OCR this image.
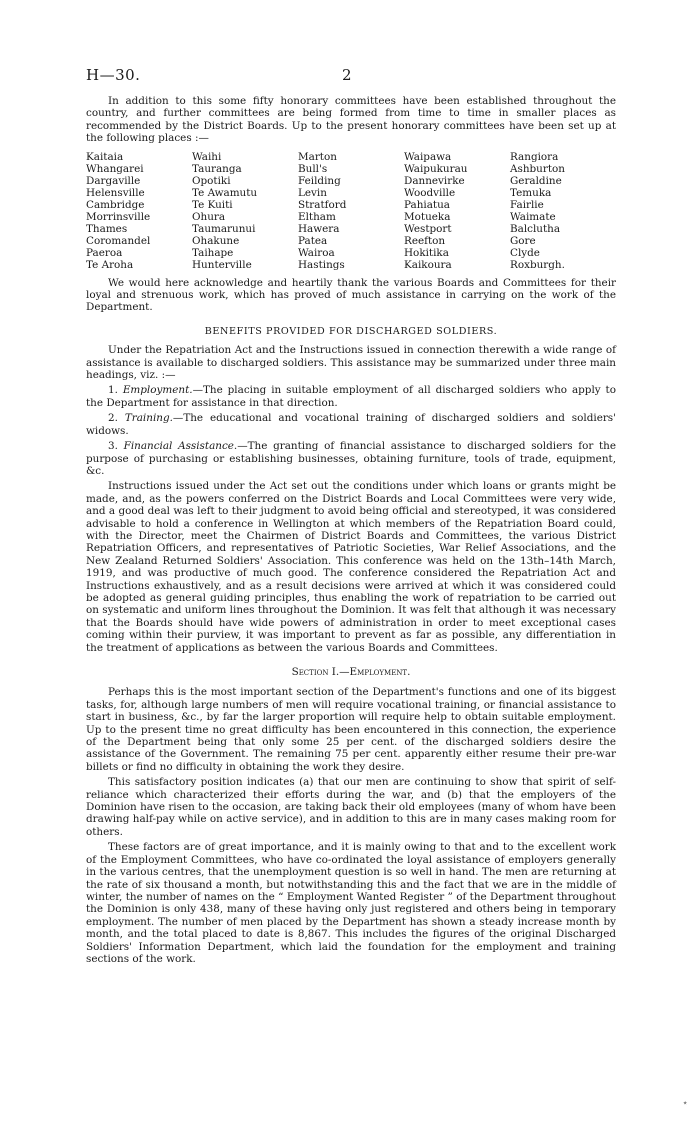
H—30.	2

In addition to this some fifty honorary committees have been established throughout the country, and further committees are being formed from time to time in smaller places as recommended by the District Boards. Up to the present honorary committees have been set up at the following places :—

Kaitaia	Waihi	Marton	Waipawa	Rangiora
Whangarei	Tauranga	Bull's	Waipukurau	Ashburton
Dargaville	Opotiki	Feilding	Dannevirke	Geraldine
Helensville	Te Awamutu	Levin	Woodville	Temuka
Cambridge	Te Kuiti	Stratford	Pahiatua	Fairlie
Morrinsville	Ohura	Eltham	Motueka	Waimate
Thames	Taumarunui	Hawera	Westport	Balclutha
Coromandel	Ohakune	Patea	Reefton	Gore
Paeroa	Taihape	Wairoa	Hokitika	Clyde
Te Aroha	Hunterville	Hastings	Kaikoura	Roxburgh.

We would here acknowledge and heartily thank the various Boards and Committees for their loyal and strenuous work, which has proved of much assistance in carrying on the work of the Department.

BENEFITS PROVIDED FOR DISCHARGED SOLDIERS.

Under the Repatriation Act and the Instructions issued in connection therewith a wide range of assistance is available to discharged soldiers. This assistance may be summarized under three main headings, viz. :—

1. Employment.—The placing in suitable employment of all discharged soldiers who apply to the Department for assistance in that direction.

2. Training.—The educational and vocational training of discharged soldiers and soldiers' widows.

3. Financial Assistance.—The granting of financial assistance to discharged soldiers for the purpose of purchasing or establishing businesses, obtaining furniture, tools of trade, equipment, &c.

Instructions issued under the Act set out the conditions under which loans or grants might be made, and, as the powers conferred on the District Boards and Local Committees were very wide, and a good deal was left to their judgment to avoid being official and stereotyped, it was considered advisable to hold a conference in Wellington at which members of the Repatriation Board could, with the Director, meet the Chairmen of District Boards and Committees, the various District Repatriation Officers, and representatives of Patriotic Societies, War Relief Associations, and the New Zealand Returned Soldiers' Association. This conference was held on the 13th–14th March, 1919, and was productive of much good. The conference considered the Repatriation Act and Instructions exhaustively, and as a result decisions were arrived at which it was considered could be adopted as general guiding principles, thus enabling the work of repatriation to be carried out on systematic and uniform lines throughout the Dominion. It was felt that although it was necessary that the Boards should have wide powers of administration in order to meet exceptional cases coming within their purview, it was important to prevent as far as possible, any differentiation in the treatment of applications as between the various Boards and Committees.

Section I.—Employment.

Perhaps this is the most important section of the Department's functions and one of its biggest tasks, for, although large numbers of men will require vocational training, or financial assistance to start in business, &c., by far the larger proportion will require help to obtain suitable employment. Up to the present time no great difficulty has been encountered in this connection, the experience of the Department being that only some 25 per cent. of the discharged soldiers desire the assistance of the Government. The remaining 75 per cent. apparently either resume their pre-war billets or find no difficulty in obtaining the work they desire.

This satisfactory position indicates (a) that our men are continuing to show that spirit of self-reliance which characterized their efforts during the war, and (b) that the employers of the Dominion have risen to the occasion, are taking back their old employees (many of whom have been drawing half-pay while on active service), and in addition to this are in many cases making room for others.

These factors are of great importance, and it is mainly owing to that and to the excellent work of the Employment Committees, who have co-ordinated the loyal assistance of employers generally in the various centres, that the unemployment question is so well in hand. The men are returning at the rate of six thousand a month, but notwithstanding this and the fact that we are in the middle of winter, the number of names on the “ Employment Wanted Register ” of the Department throughout the Dominion is only 438, many of these having only just registered and others being in temporary employment. The number of men placed by the Department has shown a steady increase month by month, and the total placed to date is 8,867. This includes the figures of the original Discharged Soldiers' Information Department, which laid the foundation for the employment and training sections of the work.

⋆
